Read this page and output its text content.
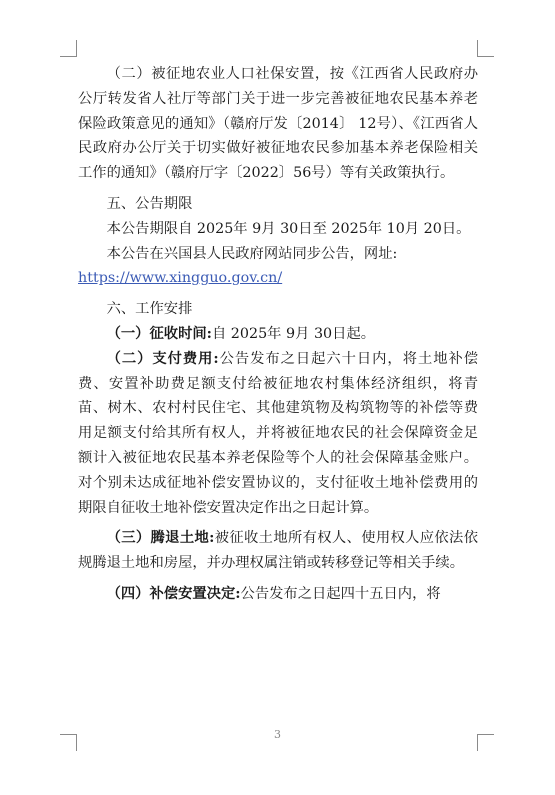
（二）被征地农业人口社保安置，按《江西省人民政府办公厅转发省人社厅等部门关于进一步完善被征地农民基本养老保险政策意见的通知》（赣府厅发〔2014〕 12号）、《江西省人民政府办公厅关于切实做好被征地农民参加基本养老保险相关工作的通知》（赣府厅字〔2022〕56号）等有关政策执行。

五、公告期限

本公告期限自 2025年 9月 30日至 2025年 10月 20日。

本公告在兴国县人民政府网站同步公告，网址:

https://www.xingguo.gov.cn/

六、工作安排

（一）征收时间:自 2025年 9月 30日起。

（二）支付费用:公告发布之日起六十日内，将土地补偿费、安置补助费足额支付给被征地农村集体经济组织，将青苗、树木、农村村民住宅、其他建筑物及构筑物等的补偿等费用足额支付给其所有权人，并将被征地农民的社会保障资金足额计入被征地农民基本养老保险等个人的社会保障基金账户。对个别未达成征地补偿安置协议的，支付征收土地补偿费用的期限自征收土地补偿安置决定作出之日起计算。

（三）腾退土地:被征收土地所有权人、使用权人应依法依规腾退土地和房屋，并办理权属注销或转移登记等相关手续。

（四）补偿安置决定:公告发布之日起四十五日内，将

3
